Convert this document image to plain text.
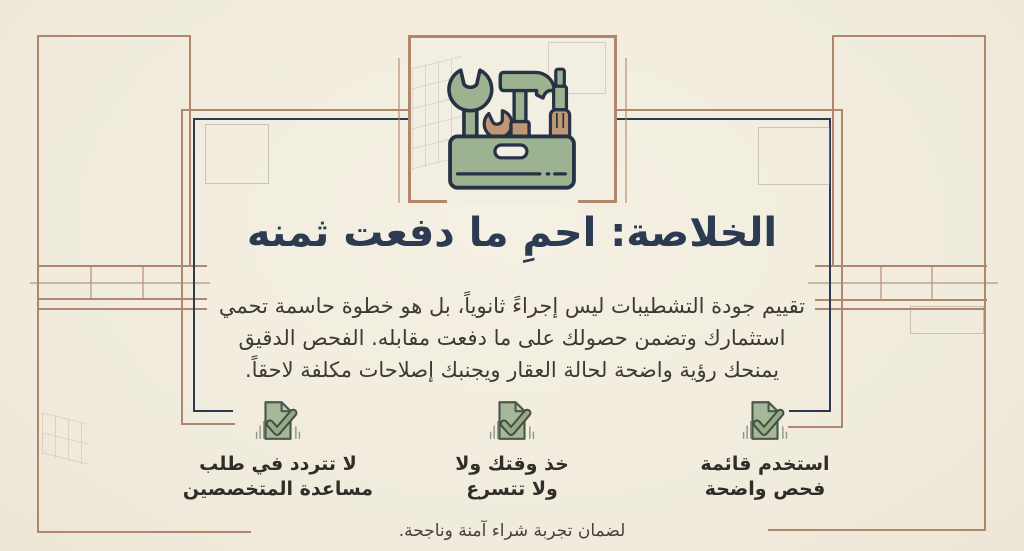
الخلاصة: احمِ ما دفعت ثمنه
تقييم جودة التشطيبات ليس إجراءً ثانوياً، بل هو خطوة حاسمة تحمي
استثمارك وتضمن حصولك على ما دفعت مقابله. الفحص الدقيق
يمنحك رؤية واضحة لحالة العقار ويجنبك إصلاحات مكلفة لاحقاً.
استخدم قائمة
فحص واضحة
خذ وقتك ولا
ولا تتسرع
لا تتردد في طلب
مساعدة المتخصصين
لضمان تجربة شراء آمنة وناجحة.
